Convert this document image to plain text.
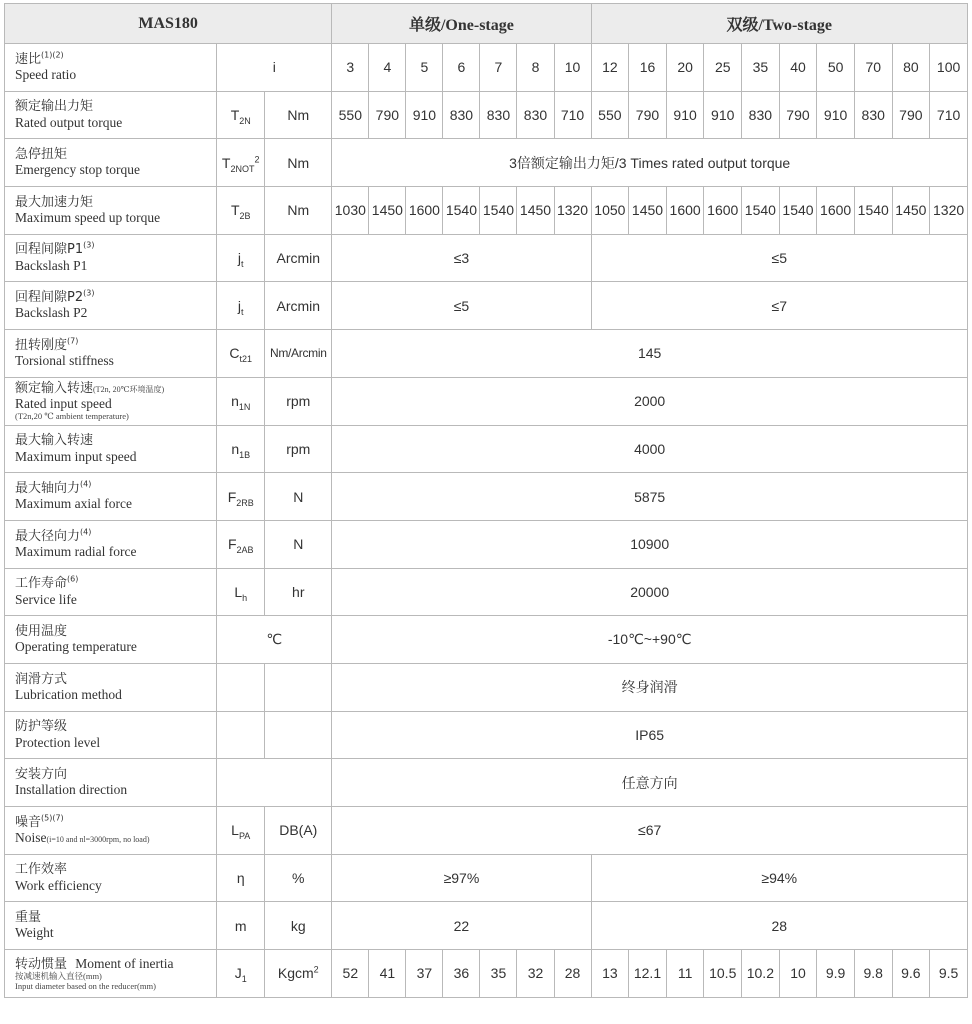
MAS180			单级/One-stage							双级/Two-stage									

速比$^{(1)(2)}$
Speed ratio	i		3	4	5	6	7	8	10	12	16	20	25	35	40	50	70	80	100

额定输出力矩
Rated output torque	$T_{2N}$	Nm	550	790	910	830	830	830	710	550	790	910	910	830	790	910	830	790	710

急停扭矩
Emergency stop torque	$T_{2NOT}^2$	Nm	3倍额定输出力矩/3 Times rated output torque																

最大加速力矩
Maximum speed up torque	$T_{2B}$	Nm	1030	1450	1600	1540	1540	1450	1320	1050	1450	1600	1600	1540	1540	1600	1540	1450	1320

回程间隙P1$^{(3)}$
Backslash P1	$j_t$	Arcmin	≤3							≤5									

回程间隙P2$^{(3)}$
Backslash P2	$j_t$	Arcmin	≤5							≤7									

扭转刚度$^{(7)}$
Torsional stiffness	$C_{t21}$	Nm/Arcmin	145																

额定输入转速(T2n, 20℃环境温度)
Rated input speed
(T2n,20 ℃ ambient temperature)	$n_{1N}$	rpm	2000																

最大输入转速
Maximum input speed	$n_{1B}$	rpm	4000																

最大轴向力$^{(4)}$
Maximum axial force	$F_{2RB}$	N	5875																

最大径向力$^{(4)}$
Maximum radial force	$F_{2AB}$	N	10900																

工作寿命$^{(6)}$
Service life	$L_h$	hr	20000																

使用温度
Operating temperature	℃		-10℃~+90℃																

润滑方式
Lubrication method			终身润滑																

防护等级
Protection level			IP65																

安装方向
Installation direction			任意方向																

噪音$^{(5)(7)}$
Noise(i=10 and nl=3000rpm, no load)	$L_{PA}$	DB(A)	≤67																

工作效率
Work efficiency	η	%	≥97%							≥94%									

重量
Weight	m	kg	22							28									

转动惯量 Moment of inertia
按减速机输入直径(mm)
Input diameter based on the reducer(mm)	$J_1$	Kgcm$^2$	52	41	37	36	35	32	28	13	12.1	11	10.5	10.2	10	9.9	9.8	9.6	9.5
